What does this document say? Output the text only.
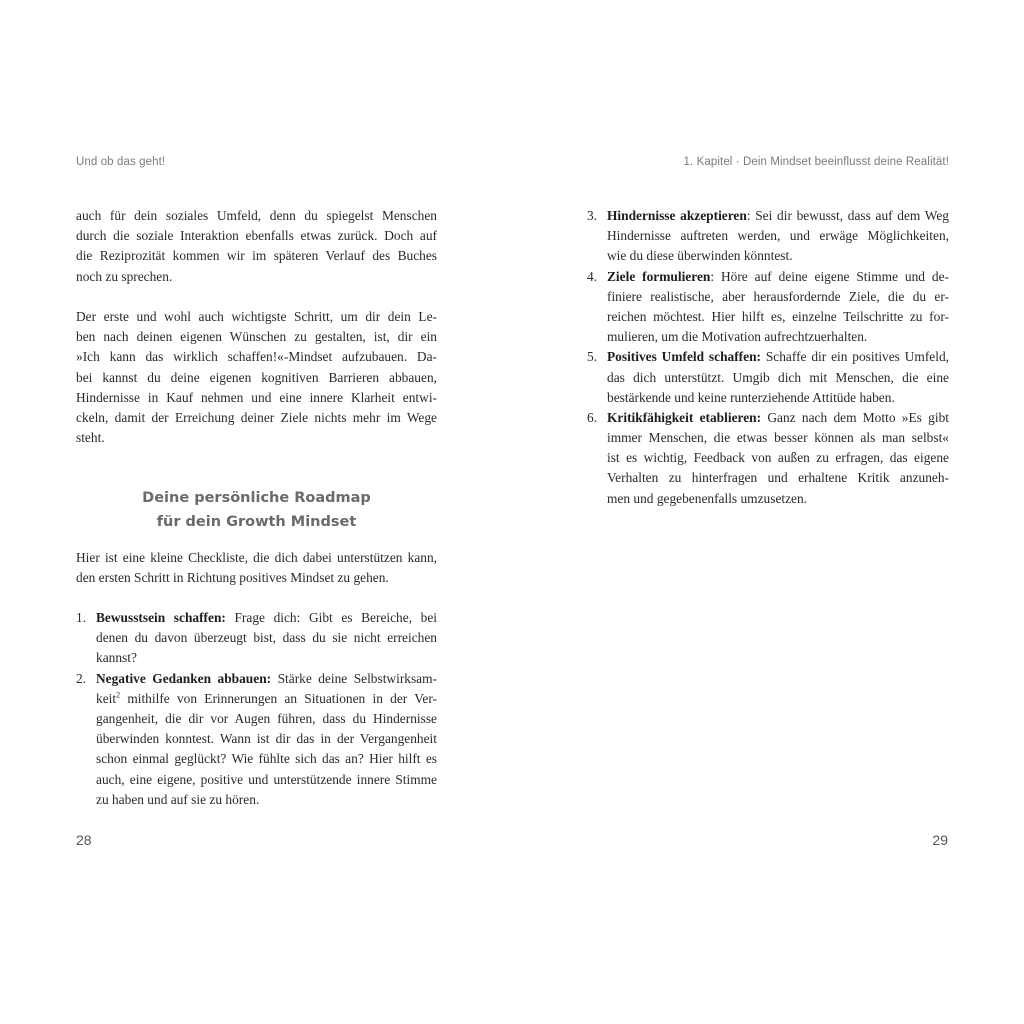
Und ob das geht!
auch für dein soziales Umfeld, denn du spiegelst Menschen
durch die soziale Interaktion ebenfalls etwas zurück. Doch auf
die Reziprozität kommen wir im späteren Verlauf des Buches
noch zu sprechen.
Der erste und wohl auch wichtigste Schritt, um dir dein Le-
ben nach deinen eigenen Wünschen zu gestalten, ist, dir ein
»Ich kann das wirklich schaffen!«-Mindset aufzubauen. Da-
bei kannst du deine eigenen kognitiven Barrieren abbauen,
Hindernisse in Kauf nehmen und eine innere Klarheit entwi-
ckeln, damit der Erreichung deiner Ziele nichts mehr im Wege
steht.
Deine persönliche Roadmap
für dein Growth Mindset
Hier ist eine kleine Checkliste, die dich dabei unterstützen kann,
den ersten Schritt in Richtung positives Mindset zu gehen.
1. Bewusstsein schaffen: Frage dich: Gibt es Bereiche, bei
denen du davon überzeugt bist, dass du sie nicht erreichen
kannst?
2. Negative Gedanken abbauen: Stärke deine Selbstwirksam-
keit$^2$ mithilfe von Erinnerungen an Situationen in der Ver-
gangenheit, die dir vor Augen führen, dass du Hindernisse
überwinden konntest. Wann ist dir das in der Vergangenheit
schon einmal geglückt? Wie fühlte sich das an? Hier hilft es
auch, eine eigene, positive und unterstützende innere Stimme
zu haben und auf sie zu hören.
28
1. Kapitel · Dein Mindset beeinflusst deine Realität!
3. Hindernisse akzeptieren: Sei dir bewusst, dass auf dem Weg
Hindernisse auftreten werden, und erwäge Möglichkeiten,
wie du diese überwinden könntest.
4. Ziele formulieren: Höre auf deine eigene Stimme und de-
finiere realistische, aber herausfordernde Ziele, die du er-
reichen möchtest. Hier hilft es, einzelne Teilschritte zu for-
mulieren, um die Motivation aufrechtzuerhalten.
5. Positives Umfeld schaffen: Schaffe dir ein positives Umfeld,
das dich unterstützt. Umgib dich mit Menschen, die eine
bestärkende und keine runterziehende Attitüde haben.
6. Kritikfähigkeit etablieren: Ganz nach dem Motto »Es gibt
immer Menschen, die etwas besser können als man selbst«
ist es wichtig, Feedback von außen zu erfragen, das eigene
Verhalten zu hinterfragen und erhaltene Kritik anzuneh-
men und gegebenenfalls umzusetzen.
29
